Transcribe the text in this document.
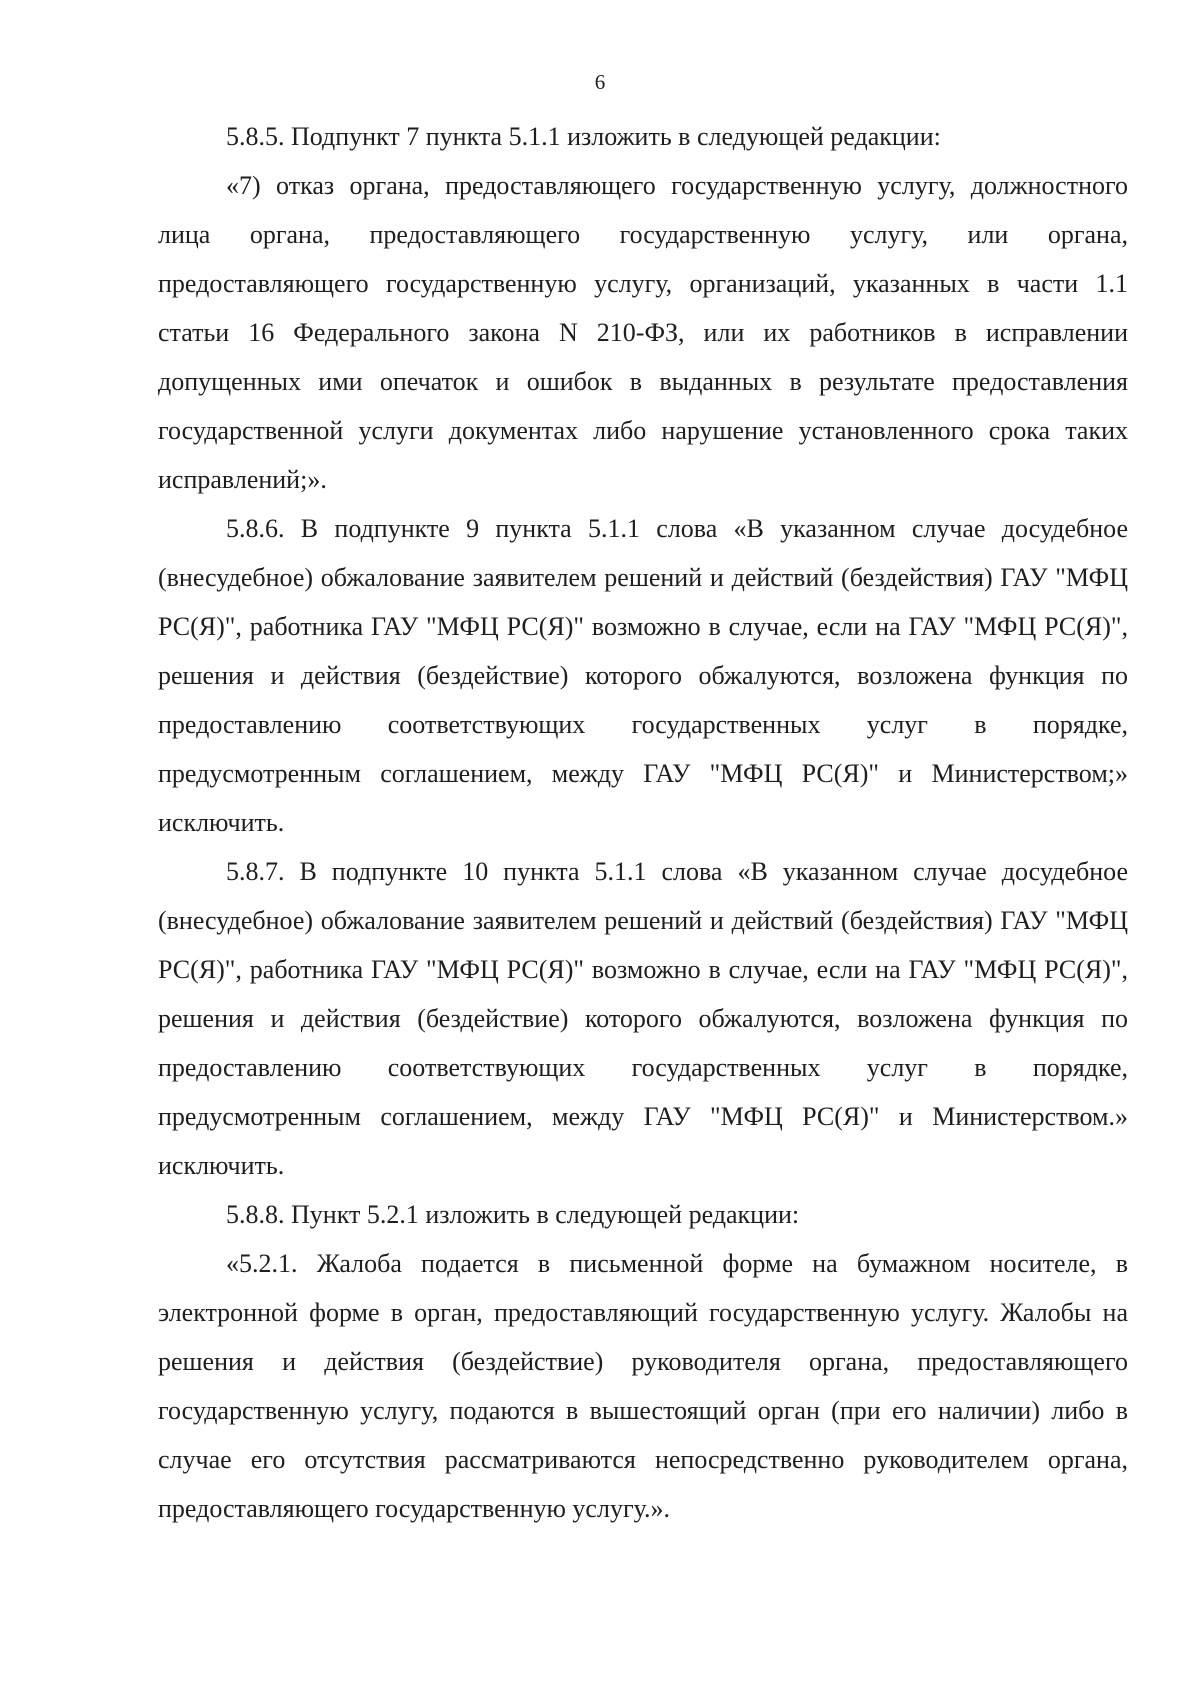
6

5.8.5. Подпункт 7 пункта 5.1.1 изложить в следующей редакции:

«7) отказ органа, предоставляющего государственную услугу, должностного лица органа, предоставляющего государственную услугу, или органа, предоставляющего государственную услугу, организаций, указанных в части 1.1 статьи 16 Федерального закона N 210-ФЗ, или их работников в исправлении допущенных ими опечаток и ошибок в выданных в результате предоставления государственной услуги документах либо нарушение установленного срока таких исправлений;».

5.8.6. В подпункте 9 пункта 5.1.1 слова «В указанном случае досудебное (внесудебное) обжалование заявителем решений и действий (бездействия) ГАУ "МФЦ РС(Я)", работника ГАУ "МФЦ РС(Я)" возможно в случае, если на ГАУ "МФЦ РС(Я)", решения и действия (бездействие) которого обжалуются, возложена функция по предоставлению соответствующих государственных услуг в порядке, предусмотренным соглашением, между ГАУ "МФЦ РС(Я)" и Министерством;» исключить.

5.8.7. В подпункте 10 пункта 5.1.1 слова «В указанном случае досудебное (внесудебное) обжалование заявителем решений и действий (бездействия) ГАУ "МФЦ РС(Я)", работника ГАУ "МФЦ РС(Я)" возможно в случае, если на ГАУ "МФЦ РС(Я)", решения и действия (бездействие) которого обжалуются, возложена функция по предоставлению соответствующих государственных услуг в порядке, предусмотренным соглашением, между ГАУ "МФЦ РС(Я)" и Министерством.» исключить.

5.8.8. Пункт 5.2.1 изложить в следующей редакции:

«5.2.1. Жалоба подается в письменной форме на бумажном носителе, в электронной форме в орган, предоставляющий государственную услугу. Жалобы на решения и действия (бездействие) руководителя органа, предоставляющего государственную услугу, подаются в вышестоящий орган (при его наличии) либо в случае его отсутствия рассматриваются непосредственно руководителем органа, предоставляющего государственную услугу.».
